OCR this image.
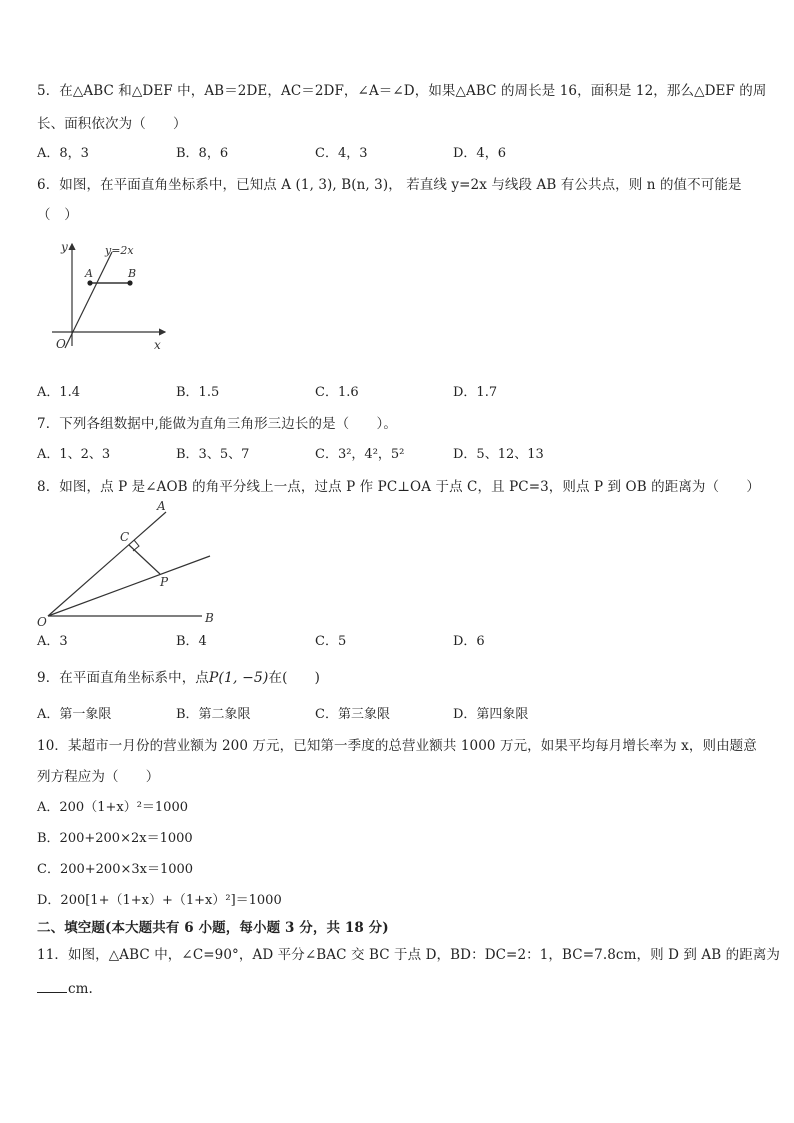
5．在△ABC 和△DEF 中，AB＝2DE，AC＝2DF，∠A＝∠D，如果△ABC 的周长是 16，面积是 12，那么△DEF 的周
长、面积依次为（　　）
A．8，3	B．8，6	C．4，3	D．4，6
6．如图，在平面直角坐标系中，已知点 A (1, 3), B(n, 3)， 若直线 y=2x 与线段 AB 有公共点，则 n 的值不可能是
（　）
y	y=2x
A	B
O	x
A．1.4	B．1.5	C．1.6	D．1.7
7．下列各组数据中,能做为直角三角形三边长的是（　　）。
A．1、2、3	B．3、5、7	C．3²，4²，5²	D．5、12、13
8．如图，点 P 是∠AOB 的角平分线上一点，过点 P 作 PC⊥OA 于点 C，且 PC=3，则点 P 到 OB 的距离为（　　）
A
C
P
O	B
A．3	B．4	C．5	D．6
9．在平面直角坐标系中，点P(1, −5)在(　　)
A．第一象限	B．第二象限	C．第三象限	D．第四象限
10．某超市一月份的营业额为 200 万元，已知第一季度的总营业额共 1000 万元，如果平均每月增长率为 x，则由题意
列方程应为（　　）
A．200（1+x）²＝1000
B．200+200×2x＝1000
C．200+200×3x＝1000
D．200[1+（1+x）+（1+x）²]＝1000
二、填空题(本大题共有 6 小题，每小题 3 分，共 18 分)
11．如图，△ABC 中，∠C=90°，AD 平分∠BAC 交 BC 于点 D，BD：DC=2：1，BC=7.8cm，则 D 到 AB 的距离为
cm.
